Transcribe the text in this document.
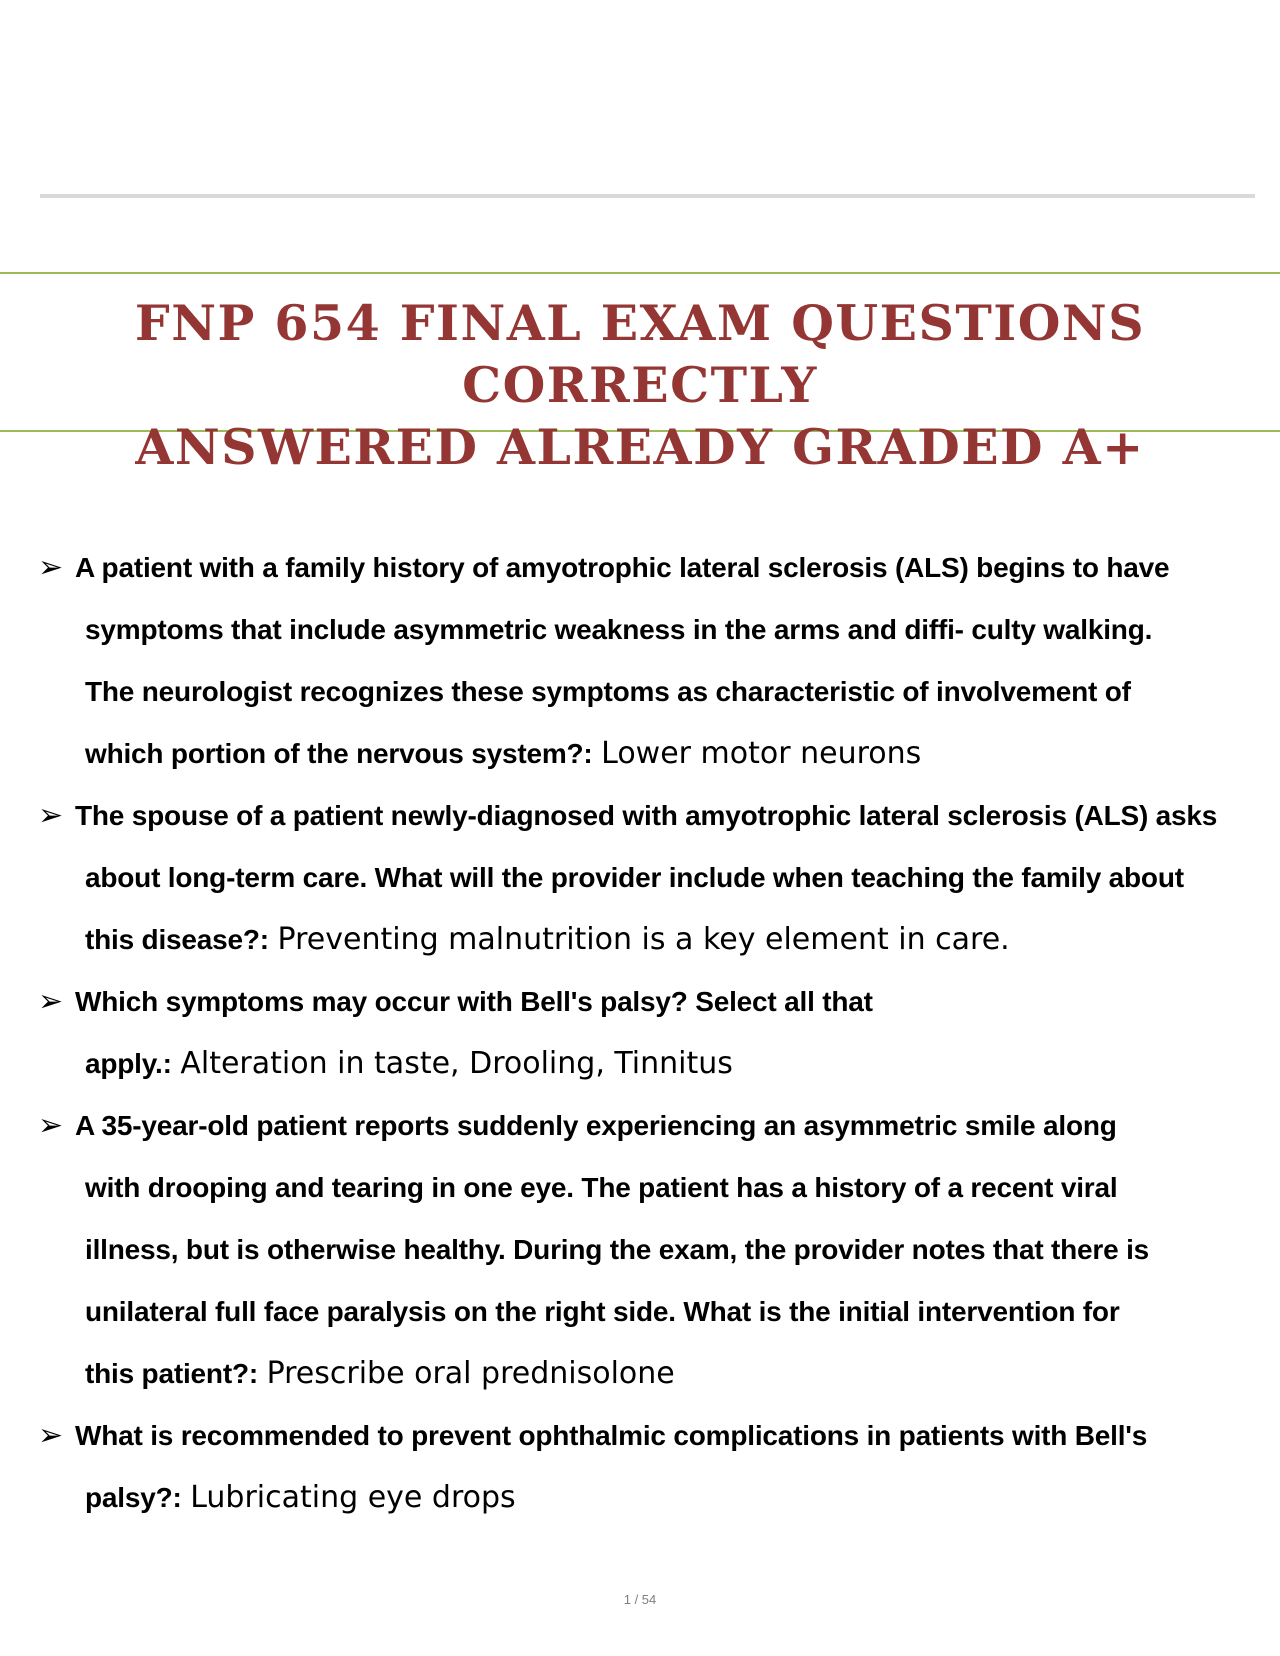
FNP 654 FINAL EXAM QUESTIONS CORRECTLY
ANSWERED ALREADY GRADED A+
➢ A patient with a family history of amyotrophic lateral sclerosis (ALS) begins to have
symptoms that include asymmetric weakness in the arms and diffi- culty walking.
The neurologist recognizes these symptoms as characteristic of involvement of
which portion of the nervous system?: Lower motor neurons
➢ The spouse of a patient newly-diagnosed with amyotrophic lateral sclerosis (ALS) asks
about long-term care. What will the provider include when teaching the family about
this disease?: Preventing malnutrition is a key element in care.
➢ Which symptoms may occur with Bell's palsy? Select all that
apply.: Alteration in taste, Drooling, Tinnitus
➢ A 35-year-old patient reports suddenly experiencing an asymmetric smile along
with drooping and tearing in one eye. The patient has a history of a recent viral
illness, but is otherwise healthy. During the exam, the provider notes that there is
unilateral full face paralysis on the right side. What is the initial intervention for
this patient?: Prescribe oral prednisolone
➢ What is recommended to prevent ophthalmic complications in patients with Bell's
palsy?: Lubricating eye drops
1 / 54
